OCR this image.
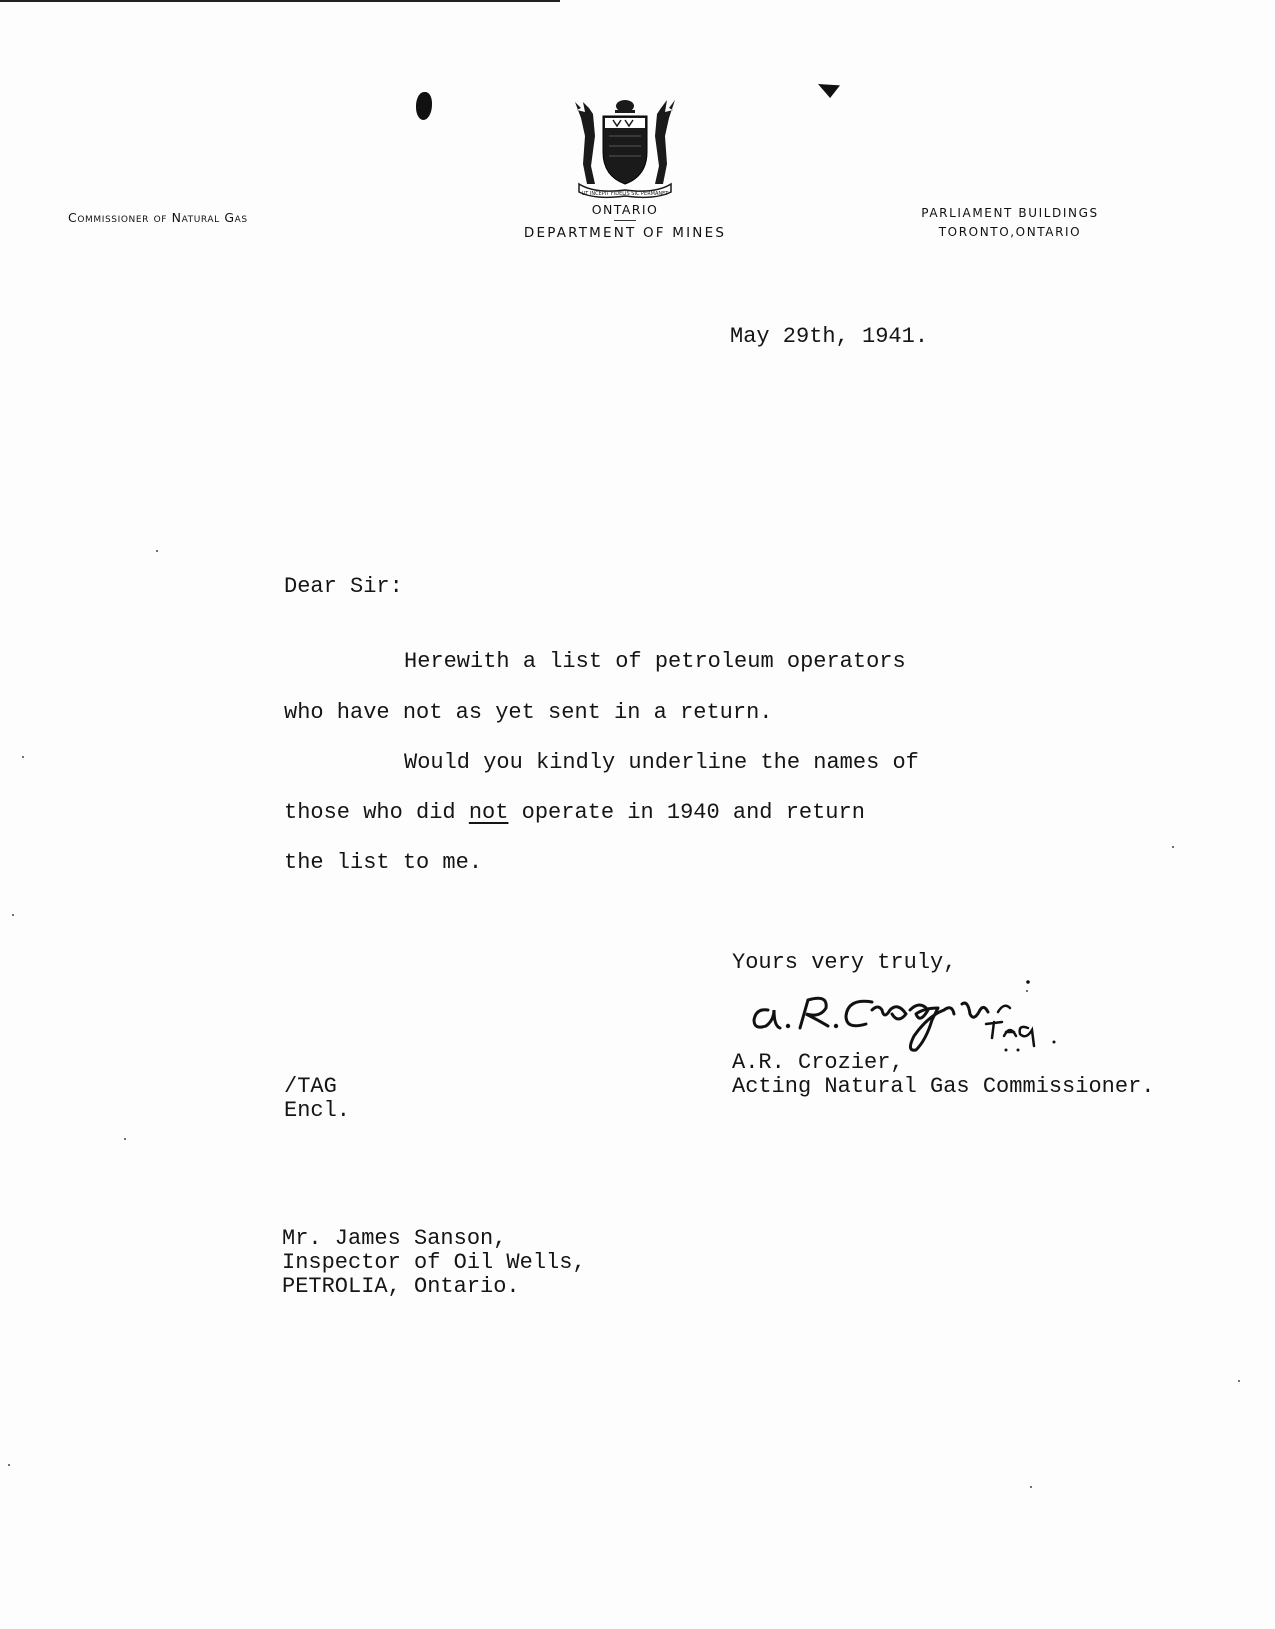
Commissioner of Natural Gas
UT INCEPIT FIDELIS SIC PERMANET
ONTARIO
DEPARTMENT OF MINES
PARLIAMENT BUILDINGS
TORONTO,ONTARIO
May 29th, 1941.
Dear Sir:
Herewith a list of petroleum operators
who have not as yet sent in a return.
Would you kindly underline the names of
those who did not operate in 1940 and return
the list to me.
Yours very truly,
A.R. Crozier,
Acting Natural Gas Commissioner.
/TAG
Encl.
Mr. James Sanson,
Inspector of Oil Wells,
PETROLIA, Ontario.
